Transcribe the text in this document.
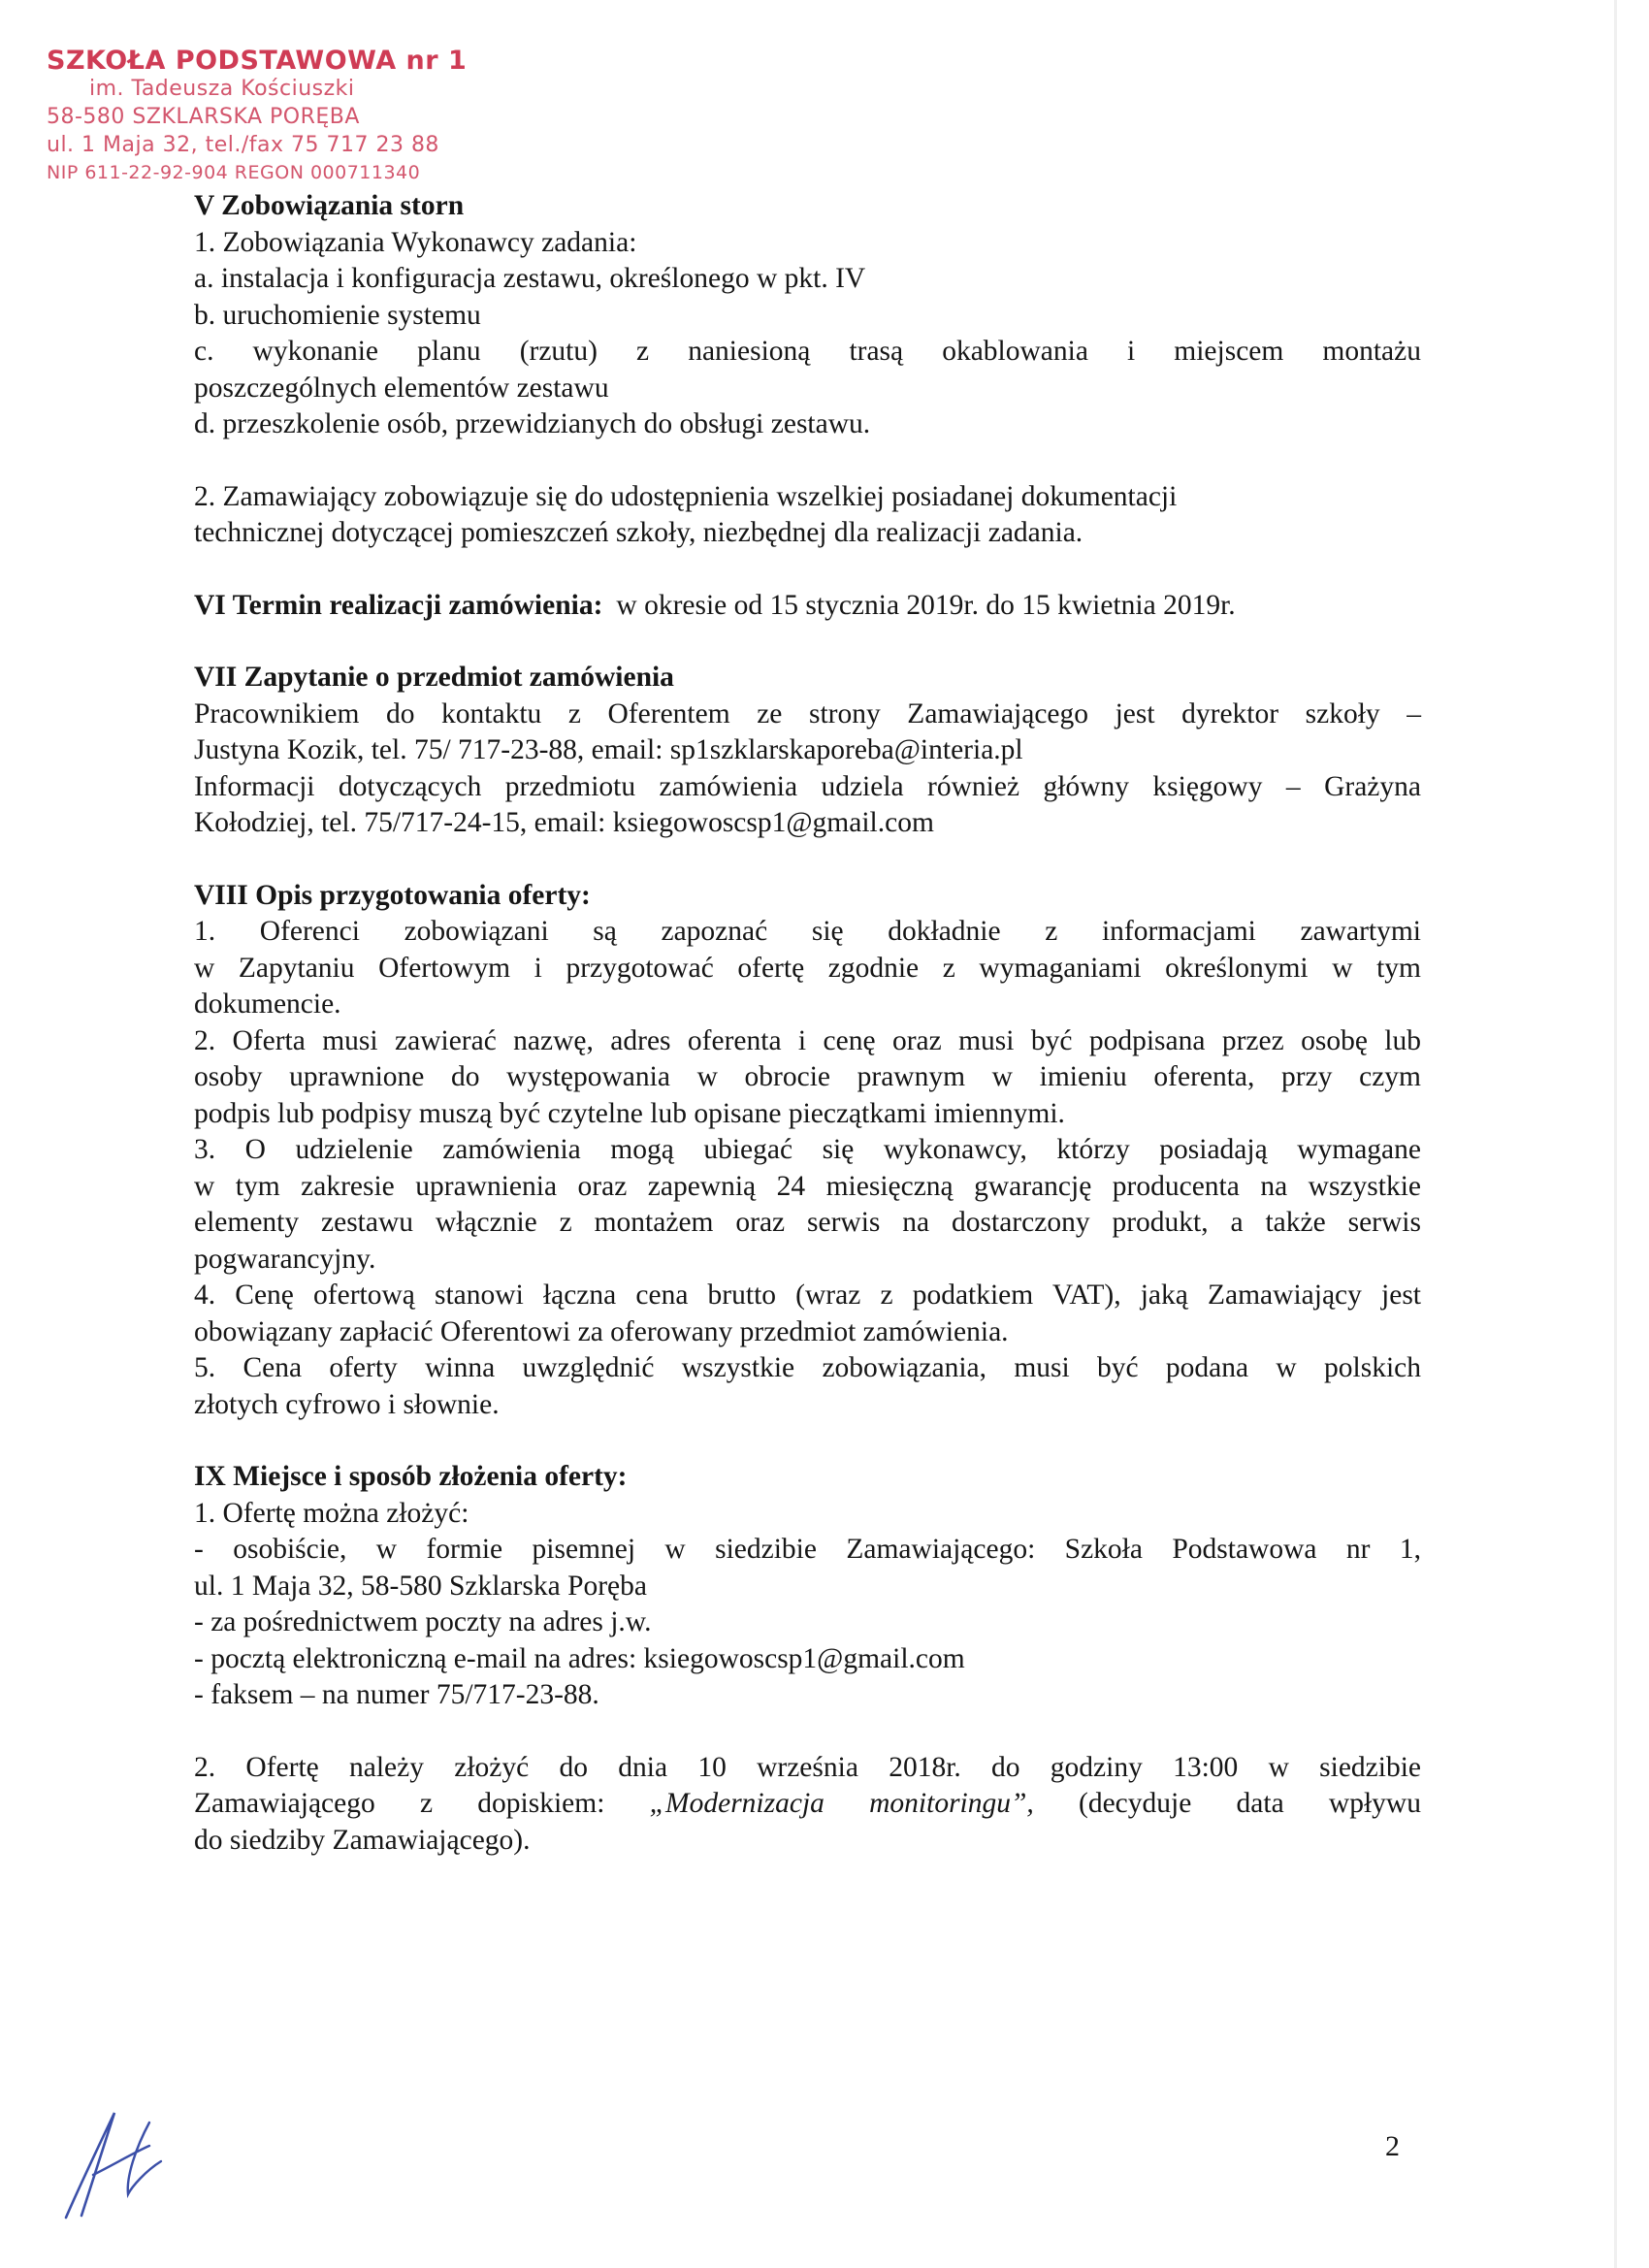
SZKOŁA PODSTAWOWA nr 1
im. Tadeusza Kościuszki
58-580 SZKLARSKA PORĘBA
ul. 1 Maja 32, tel./fax 75 717 23 88
NIP 611-22-92-904 REGON 000711340

V Zobowiązania storn

1. Zobowiązania Wykonawcy zadania:

a. instalacja i konfiguracja zestawu, określonego w pkt. IV

b. uruchomienie systemu

c. wykonanie planu (rzutu) z naniesioną trasą okablowania i miejscem montażu

poszczególnych elementów zestawu

d. przeszkolenie osób, przewidzianych do obsługi zestawu.

2. Zamawiający zobowiązuje się do udostępnienia wszelkiej posiadanej dokumentacji

technicznej dotyczącej pomieszczeń szkoły, niezbędnej dla realizacji zadania.

VI Termin realizacji zamówienia: w okresie od 15 stycznia 2019r. do 15 kwietnia 2019r.

VII Zapytanie o przedmiot zamówienia

Pracownikiem do kontaktu z Oferentem ze strony Zamawiającego jest dyrektor szkoły –

Justyna Kozik, tel. 75/ 717-23-88, email: sp1szklarskaporeba@interia.pl

Informacji dotyczących przedmiotu zamówienia udziela również główny księgowy – Grażyna

Kołodziej, tel. 75/717-24-15, email: ksiegowoscsp1@gmail.com

VIII Opis przygotowania oferty:

1. Oferenci zobowiązani są zapoznać się dokładnie z informacjami zawartymi

w Zapytaniu Ofertowym i przygotować ofertę zgodnie z wymaganiami określonymi w tym

dokumencie.

2. Oferta musi zawierać nazwę, adres oferenta i cenę oraz musi być podpisana przez osobę lub

osoby uprawnione do występowania w obrocie prawnym w imieniu oferenta, przy czym

podpis lub podpisy muszą być czytelne lub opisane pieczątkami imiennymi.

3. O udzielenie zamówienia mogą ubiegać się wykonawcy, którzy posiadają wymagane

w tym zakresie uprawnienia oraz zapewnią 24 miesięczną gwarancję producenta na wszystkie

elementy zestawu włącznie z montażem oraz serwis na dostarczony produkt, a także serwis

pogwarancyjny.

4. Cenę ofertową stanowi łączna cena brutto (wraz z podatkiem VAT), jaką Zamawiający jest

obowiązany zapłacić Oferentowi za oferowany przedmiot zamówienia.

5. Cena oferty winna uwzględnić wszystkie zobowiązania, musi być podana w polskich

złotych cyfrowo i słownie.

IX Miejsce i sposób złożenia oferty:

1. Ofertę można złożyć:

- osobiście, w formie pisemnej w siedzibie Zamawiającego: Szkoła Podstawowa nr 1,

ul. 1 Maja 32, 58-580 Szklarska Poręba

- za pośrednictwem poczty na adres j.w.

- pocztą elektroniczną e-mail na adres: ksiegowoscsp1@gmail.com

- faksem – na numer 75/717-23-88.

2. Ofertę należy złożyć do dnia 10 września 2018r. do godziny 13:00 w siedzibie

Zamawiającego z dopiskiem: „Modernizacja monitoringu”, (decyduje data wpływu

do siedziby Zamawiającego).

2
